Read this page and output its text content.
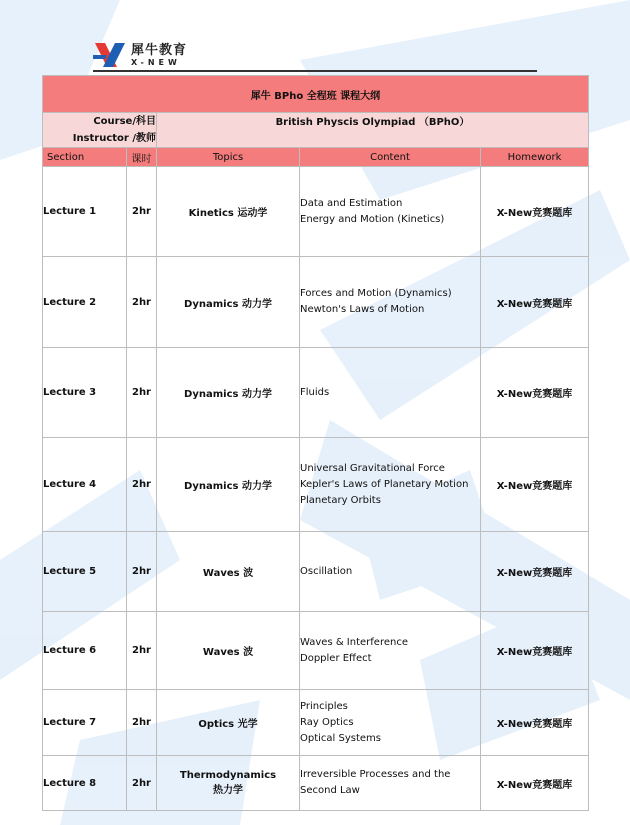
犀牛教育
X-NEW
犀牛 BPho 全程班 课程大纲				

Course/科目
Instructor /教师		British Physcis Olympiad （BPhO）		
Section	课时	Topics	Content	Homework
Lecture 1	2hr	Kinetics 运动学	Data and Estimation
Energy and Motion (Kinetics)	X-New竞赛题库
Lecture 2	2hr	Dynamics 动力学	Forces and Motion (Dynamics)
Newton's Laws of Motion	X-New竞赛题库
Lecture 3	2hr	Dynamics 动力学	Fluids	X-New竞赛题库
Lecture 4	2hr	Dynamics 动力学	Universal Gravitational Force
Kepler's Laws of Planetary Motion
Planetary Orbits	X-New竞赛题库
Lecture 5	2hr	Waves 波	Oscillation	X-New竞赛题库
Lecture 6	2hr	Waves 波	Waves & Interference
Doppler Effect	X-New竞赛题库
Lecture 7	2hr	Optics 光学	Principles
Ray Optics
Optical Systems	X-New竞赛题库
Lecture 8	2hr	Thermodynamics
热力学	Irreversible Processes and the
Second Law	X-New竞赛题库
